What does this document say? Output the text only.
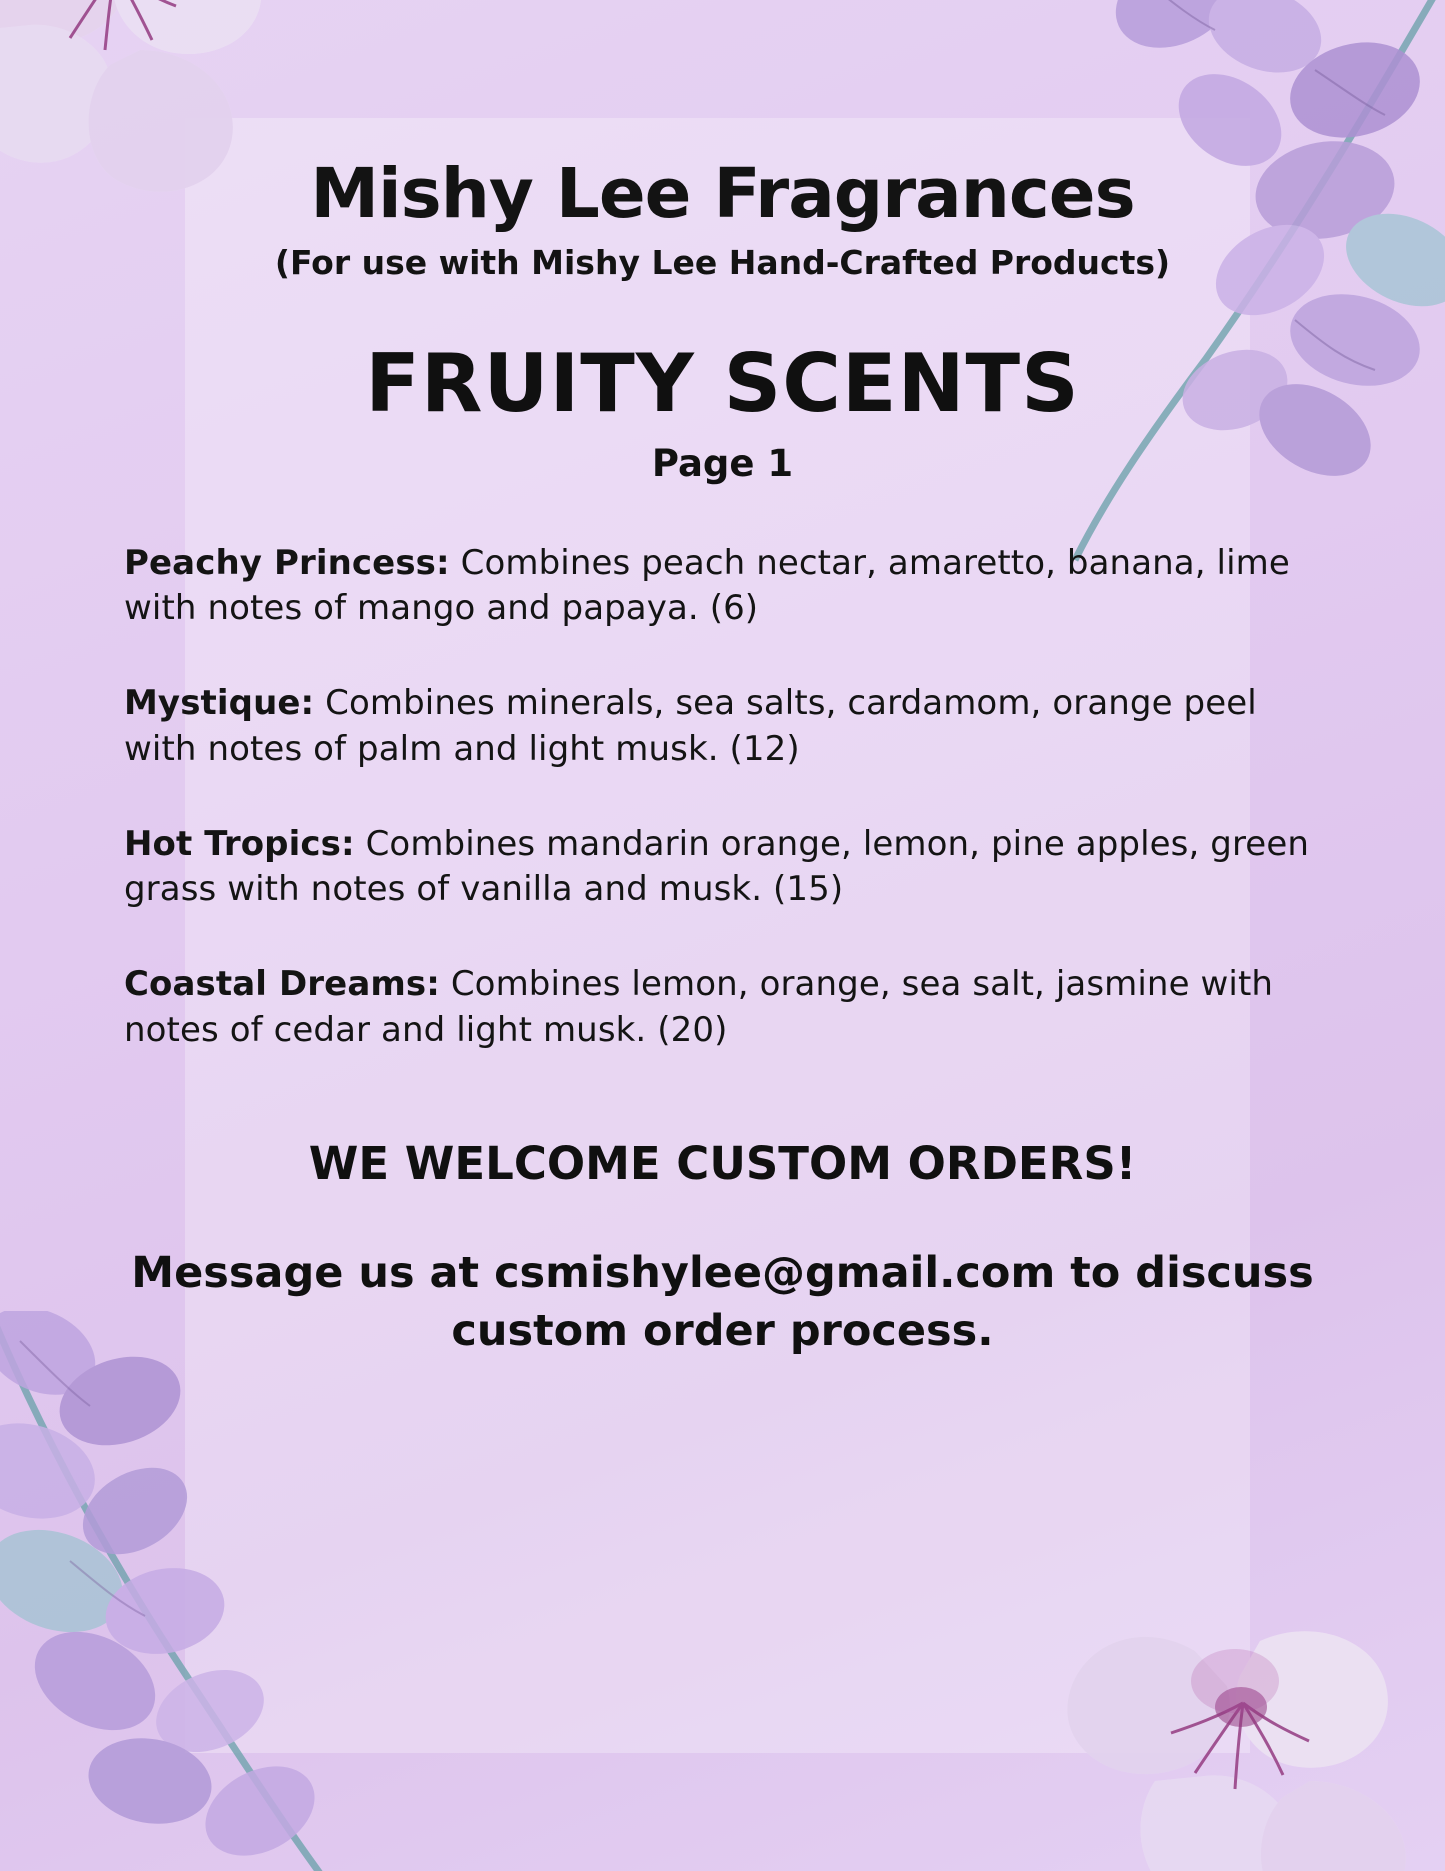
Mishy Lee Fragrances

(For use with Mishy Lee Hand-Crafted Products)

FRUITY SCENTS

Page 1

Peachy Princess: Combines peach nectar, amaretto, banana, lime with notes of mango and papaya. (6)
Mystique: Combines minerals, sea salts, cardamom, orange peel with notes of palm and light musk. (12)
Hot Tropics: Combines mandarin orange, lemon, pine apples, green grass with notes of vanilla and musk. (15)
Coastal Dreams: Combines lemon, orange, sea salt, jasmine with notes of cedar and light musk. (20)

WE WELCOME CUSTOM ORDERS!

Message us at csmishylee@gmail.com to discuss custom order process.
